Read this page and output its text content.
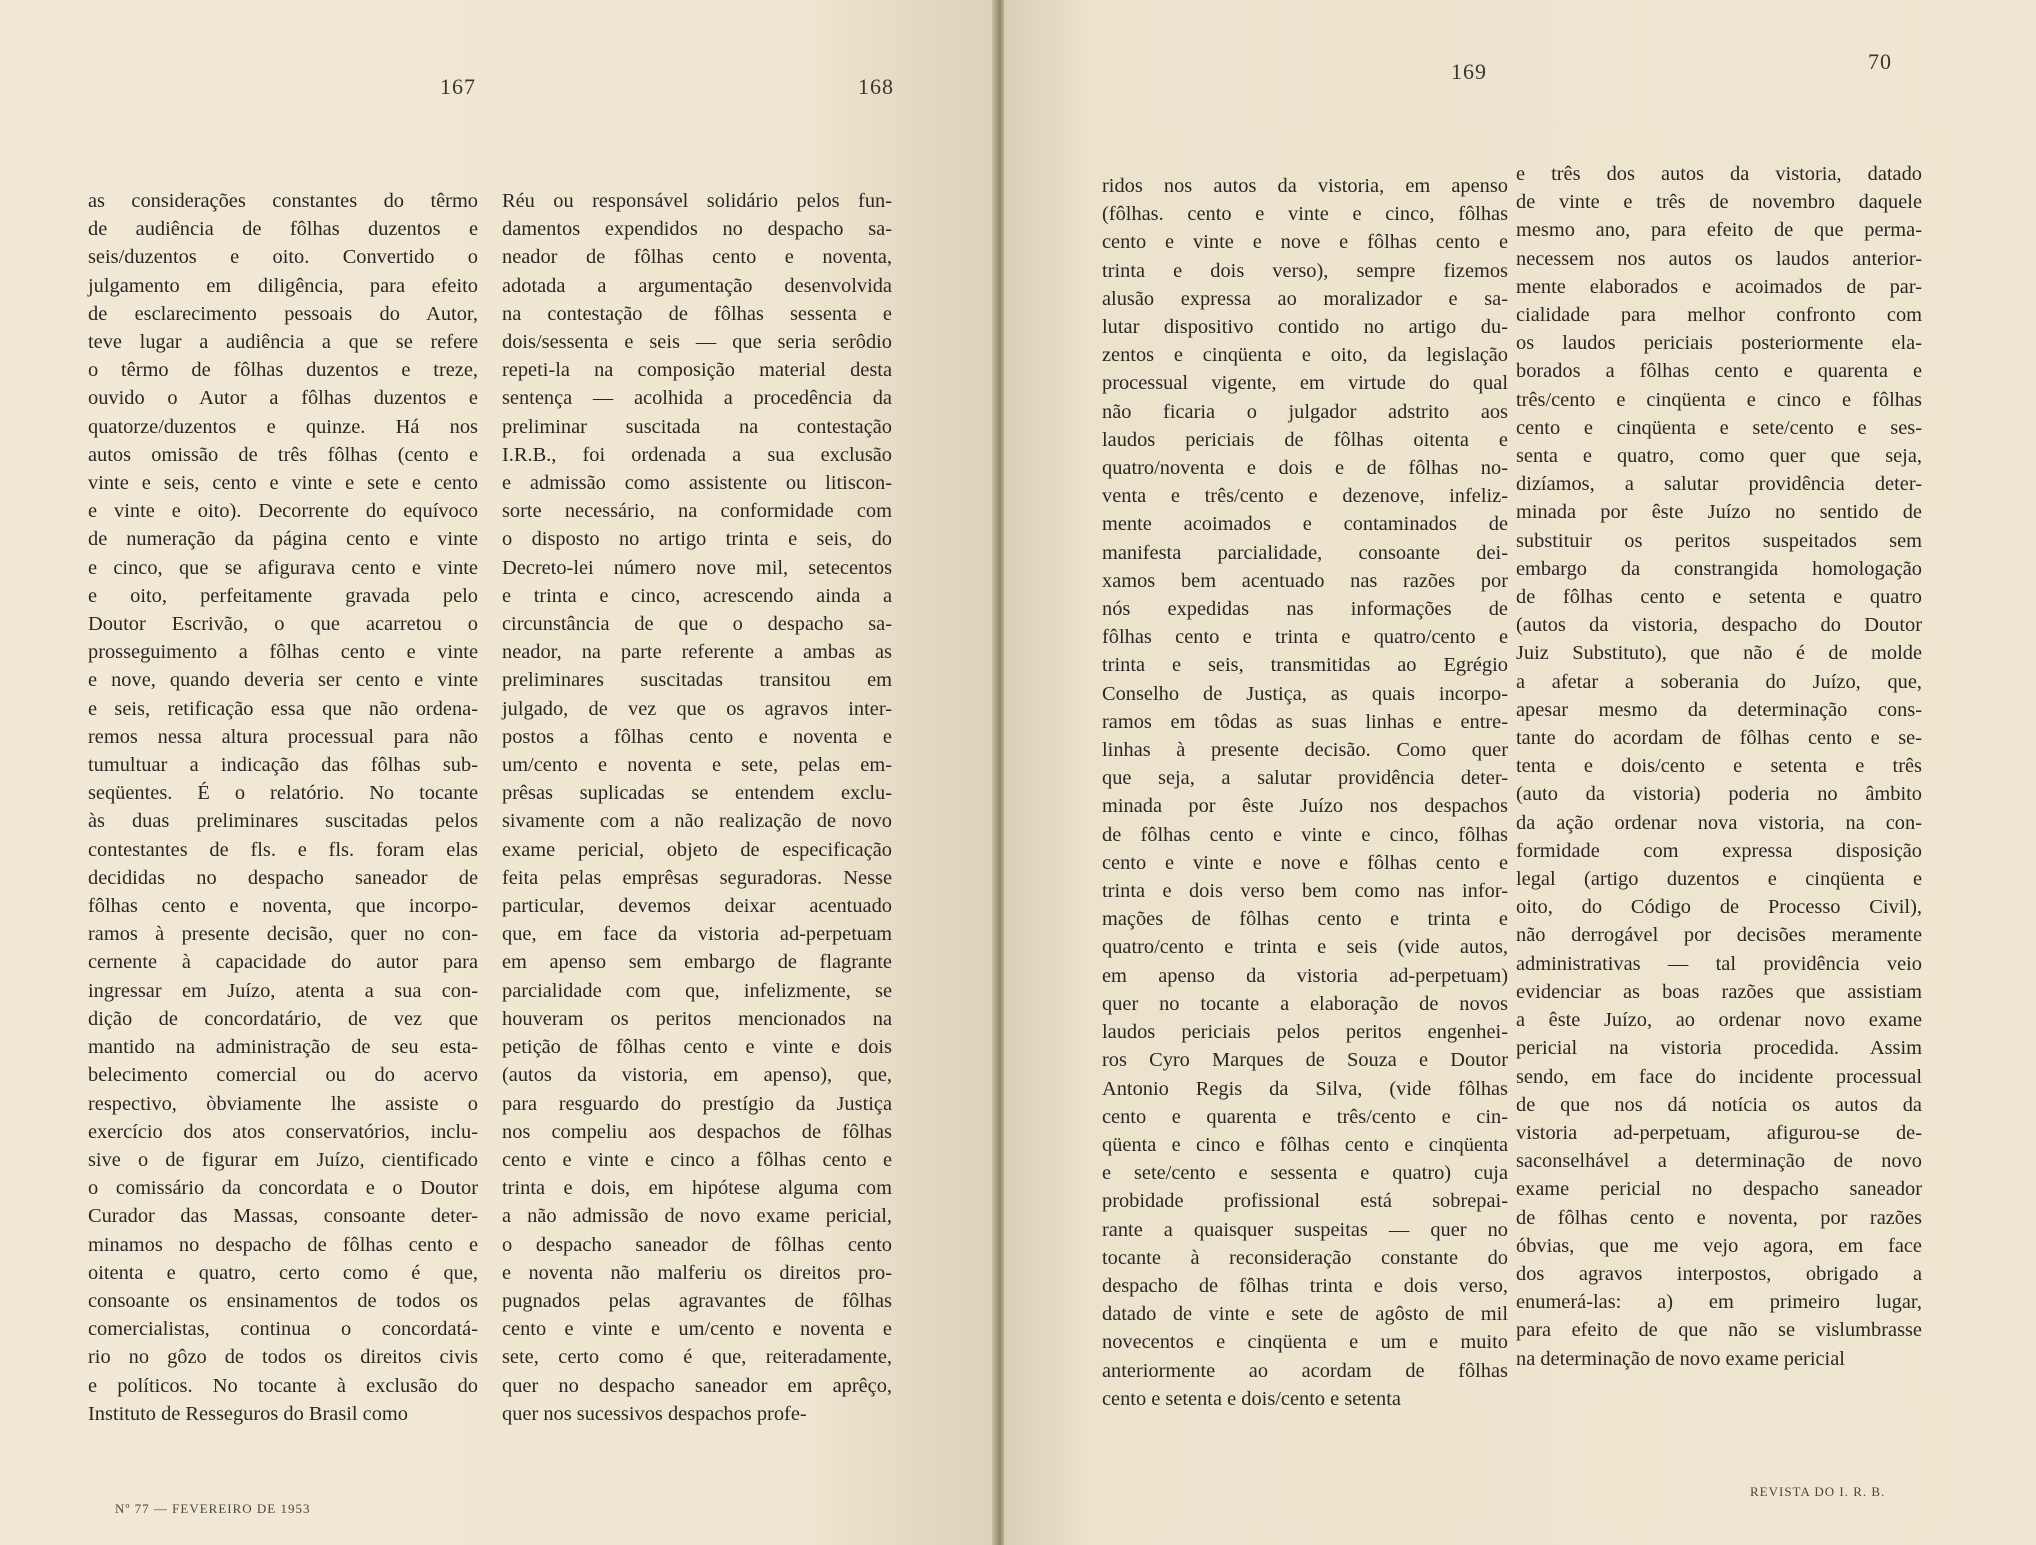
167	168

as considerações constantes do têrmo

de audiência de fôlhas duzentos e

seis/duzentos e oito. Convertido o

julgamento em diligência, para efeito

de esclarecimento pessoais do Autor,

teve lugar a audiência a que se refere

o têrmo de fôlhas duzentos e treze,

ouvido o Autor a fôlhas duzentos e

quatorze/duzentos e quinze. Há nos

autos omissão de três fôlhas (cento e

vinte e seis, cento e vinte e sete e cento

e vinte e oito). Decorrente do equívoco

de numeração da página cento e vinte

e cinco, que se afigurava cento e vinte

e oito, perfeitamente gravada pelo

Doutor Escrivão, o que acarretou o

prosseguimento a fôlhas cento e vinte

e nove, quando deveria ser cento e vinte

e seis, retificação essa que não ordena-

remos nessa altura processual para não

tumultuar a indicação das fôlhas sub-

seqüentes. É o relatório. No tocante

às duas preliminares suscitadas pelos

contestantes de fls. e fls. foram elas

decididas no despacho saneador de

fôlhas cento e noventa, que incorpo-

ramos à presente decisão, quer no con-

cernente à capacidade do autor para

ingressar em Juízo, atenta a sua con-

dição de concordatário, de vez que

mantido na administração de seu esta-

belecimento comercial ou do acervo

respectivo, òbviamente lhe assiste o

exercício dos atos conservatórios, inclu-

sive o de figurar em Juízo, cientificado

o comissário da concordata e o Doutor

Curador das Massas, consoante deter-

minamos no despacho de fôlhas cento e

oitenta e quatro, certo como é que,

consoante os ensinamentos de todos os

comercialistas, continua o concordatá-

rio no gôzo de todos os direitos civis

e políticos. No tocante à exclusão do

Instituto de Resseguros do Brasil como

Réu ou responsável solidário pelos fun-

damentos expendidos no despacho sa-

neador de fôlhas cento e noventa,

adotada a argumentação desenvolvida

na contestação de fôlhas sessenta e

dois/sessenta e seis — que seria serôdio

repeti-la na composição material desta

sentença — acolhida a procedência da

preliminar suscitada na contestação

I.R.B., foi ordenada a sua exclusão

e admissão como assistente ou litiscon-

sorte necessário, na conformidade com

o disposto no artigo trinta e seis, do

Decreto-lei número nove mil, setecentos

e trinta e cinco, acrescendo ainda a

circunstância de que o despacho sa-

neador, na parte referente a ambas as

preliminares suscitadas transitou em

julgado, de vez que os agravos inter-

postos a fôlhas cento e noventa e

um/cento e noventa e sete, pelas em-

prêsas suplicadas se entendem exclu-

sivamente com a não realização de novo

exame pericial, objeto de especificação

feita pelas emprêsas seguradoras. Nesse

particular, devemos deixar acentuado

que, em face da vistoria ad-perpetuam

em apenso sem embargo de flagrante

parcialidade com que, infelizmente, se

houveram os peritos mencionados na

petição de fôlhas cento e vinte e dois

(autos da vistoria, em apenso), que,

para resguardo do prestígio da Justiça

nos compeliu aos despachos de fôlhas

cento e vinte e cinco a fôlhas cento e

trinta e dois, em hipótese alguma com

a não admissão de novo exame pericial,

o despacho saneador de fôlhas cento

e noventa não malferiu os direitos pro-

pugnados pelas agravantes de fôlhas

cento e vinte e um/cento e noventa e

sete, certo como é que, reiteradamente,

quer no despacho saneador em aprêço,

quer nos sucessivos despachos profe-

Nº 77 — FEVEREIRO DE 1953
169	70

ridos nos autos da vistoria, em apenso

(fôlhas. cento e vinte e cinco, fôlhas

cento e vinte e nove e fôlhas cento e

trinta e dois verso), sempre fizemos

alusão expressa ao moralizador e sa-

lutar dispositivo contido no artigo du-

zentos e cinqüenta e oito, da legislação

processual vigente, em virtude do qual

não ficaria o julgador adstrito aos

laudos periciais de fôlhas oitenta e

quatro/noventa e dois e de fôlhas no-

venta e três/cento e dezenove, infeliz-

mente acoimados e contaminados de

manifesta parcialidade, consoante dei-

xamos bem acentuado nas razões por

nós expedidas nas informações de

fôlhas cento e trinta e quatro/cento e

trinta e seis, transmitidas ao Egrégio

Conselho de Justiça, as quais incorpo-

ramos em tôdas as suas linhas e entre-

linhas à presente decisão. Como quer

que seja, a salutar providência deter-

minada por êste Juízo nos despachos

de fôlhas cento e vinte e cinco, fôlhas

cento e vinte e nove e fôlhas cento e

trinta e dois verso bem como nas infor-

mações de fôlhas cento e trinta e

quatro/cento e trinta e seis (vide autos,

em apenso da vistoria ad-perpetuam)

quer no tocante a elaboração de novos

laudos periciais pelos peritos engenhei-

ros Cyro Marques de Souza e Doutor

Antonio Regis da Silva, (vide fôlhas

cento e quarenta e três/cento e cin-

qüenta e cinco e fôlhas cento e cinqüenta

e sete/cento e sessenta e quatro) cuja

probidade profissional está sobrepai-

rante a quaisquer suspeitas — quer no

tocante à reconsideração constante do

despacho de fôlhas trinta e dois verso,

datado de vinte e sete de agôsto de mil

novecentos e cinqüenta e um e muito

anteriormente ao acordam de fôlhas

cento e setenta e dois/cento e setenta

e três dos autos da vistoria, datado

de vinte e três de novembro daquele

mesmo ano, para efeito de que perma-

necessem nos autos os laudos anterior-

mente elaborados e acoimados de par-

cialidade para melhor confronto com

os laudos periciais posteriormente ela-

borados a fôlhas cento e quarenta e

três/cento e cinqüenta e cinco e fôlhas

cento e cinqüenta e sete/cento e ses-

senta e quatro, como quer que seja,

dizíamos, a salutar providência deter-

minada por êste Juízo no sentido de

substituir os peritos suspeitados sem

embargo da constrangida homologação

de fôlhas cento e setenta e quatro

(autos da vistoria, despacho do Doutor

Juiz Substituto), que não é de molde

a afetar a soberania do Juízo, que,

apesar mesmo da determinação cons-

tante do acordam de fôlhas cento e se-

tenta e dois/cento e setenta e três

(auto da vistoria) poderia no âmbito

da ação ordenar nova vistoria, na con-

formidade com expressa disposição

legal (artigo duzentos e cinqüenta e

oito, do Código de Processo Civil),

não derrogável por decisões meramente

administrativas — tal providência veio

evidenciar as boas razões que assistiam

a êste Juízo, ao ordenar novo exame

pericial na vistoria procedida. Assim

sendo, em face do incidente processual

de que nos dá notícia os autos da

vistoria ad-perpetuam, afigurou-se de-

saconselhável a determinação de novo

exame pericial no despacho saneador

de fôlhas cento e noventa, por razões

óbvias, que me vejo agora, em face

dos agravos interpostos, obrigado a

enumerá-las: a) em primeiro lugar,

para efeito de que não se vislumbrasse

na determinação de novo exame pericial

REVISTA DO I. R. B.
